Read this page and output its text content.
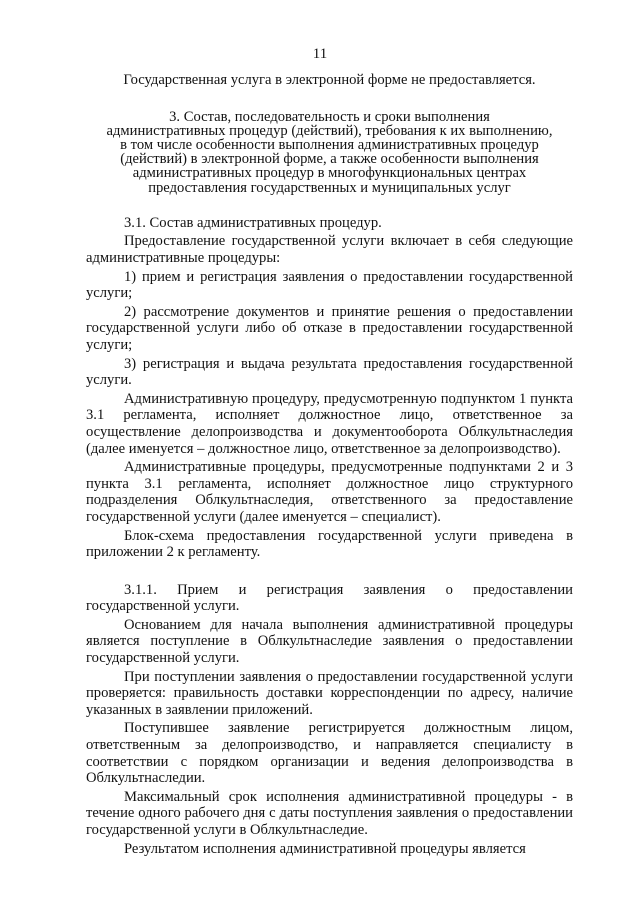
11
Государственная услуга в электронной форме не предоставляется.
3. Состав, последовательность и сроки выполнения
административных процедур (действий), требования к их выполнению,
в том числе особенности выполнения административных процедур
(действий) в электронной форме, а также особенности выполнения
административных процедур в многофункциональных центрах
предоставления государственных и муниципальных услуг

3.1. Состав административных процедур.

Предоставление государственной услуги включает в себя следующие административные процедуры:

1) прием и регистрация заявления о предоставлении государственной услуги;

2) рассмотрение документов и принятие решения о предоставлении государственной услуги либо об отказе в предоставлении государственной услуги;

3) регистрация и выдача результата предоставления государственной услуги.

Административную процедуру, предусмотренную подпунктом 1 пункта 3.1 регламента, исполняет должностное лицо, ответственное за осуществление делопроизводства и документооборота Облкультнаследия (далее именуется – должностное лицо, ответственное за делопроизводство).

Административные процедуры, предусмотренные подпунктами 2 и 3 пункта 3.1 регламента, исполняет должностное лицо структурного подразделения Облкультнаследия, ответственного за предоставление государственной услуги (далее именуется – специалист).

Блок-схема предоставления государственной услуги приведена в приложении 2 к регламенту.

3.1.1. Прием и регистрация заявления о предоставлении государственной услуги.

Основанием для начала выполнения административной процедуры является поступление в Облкультнаследие заявления о предоставлении государственной услуги.

При поступлении заявления о предоставлении государственной услуги проверяется: правильность доставки корреспонденции по адресу, наличие указанных в заявлении приложений.

Поступившее заявление регистрируется должностным лицом, ответственным за делопроизводство, и направляется специалисту в соответствии с порядком организации и ведения делопроизводства в Облкультнаследии.

Максимальный срок исполнения административной процедуры - в течение одного рабочего дня с даты поступления заявления о предоставлении государственной услуги в Облкультнаследие.

Результатом исполнения административной процедуры является
